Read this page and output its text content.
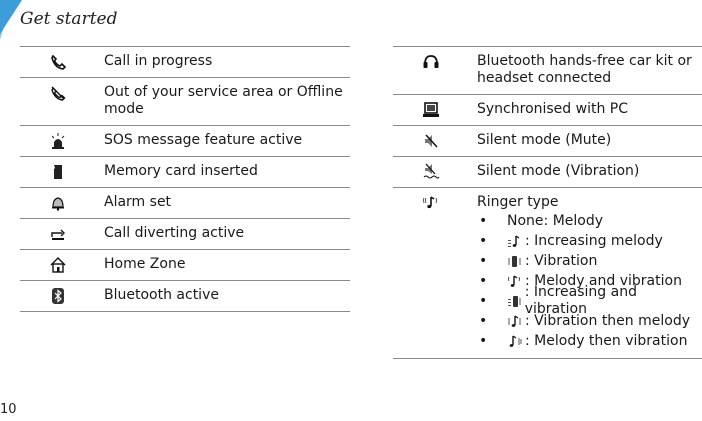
Get started
Call in progress
Out of your service area or Offline mode
SOS message feature active
Memory card inserted
Alarm set
Call diverting active
Home Zone
Bluetooth active
Bluetooth hands-free car kit or headset connected
Synchronised with PC
Silent mode (Mute)
Silent mode (Vibration)
Ringer type
•	None: Melody
•	: Increasing melody
•	: Vibration
•	: Melody and vibration
•
: Increasing and vibration
•	: Vibration then melody
•	: Melody then vibration
10
